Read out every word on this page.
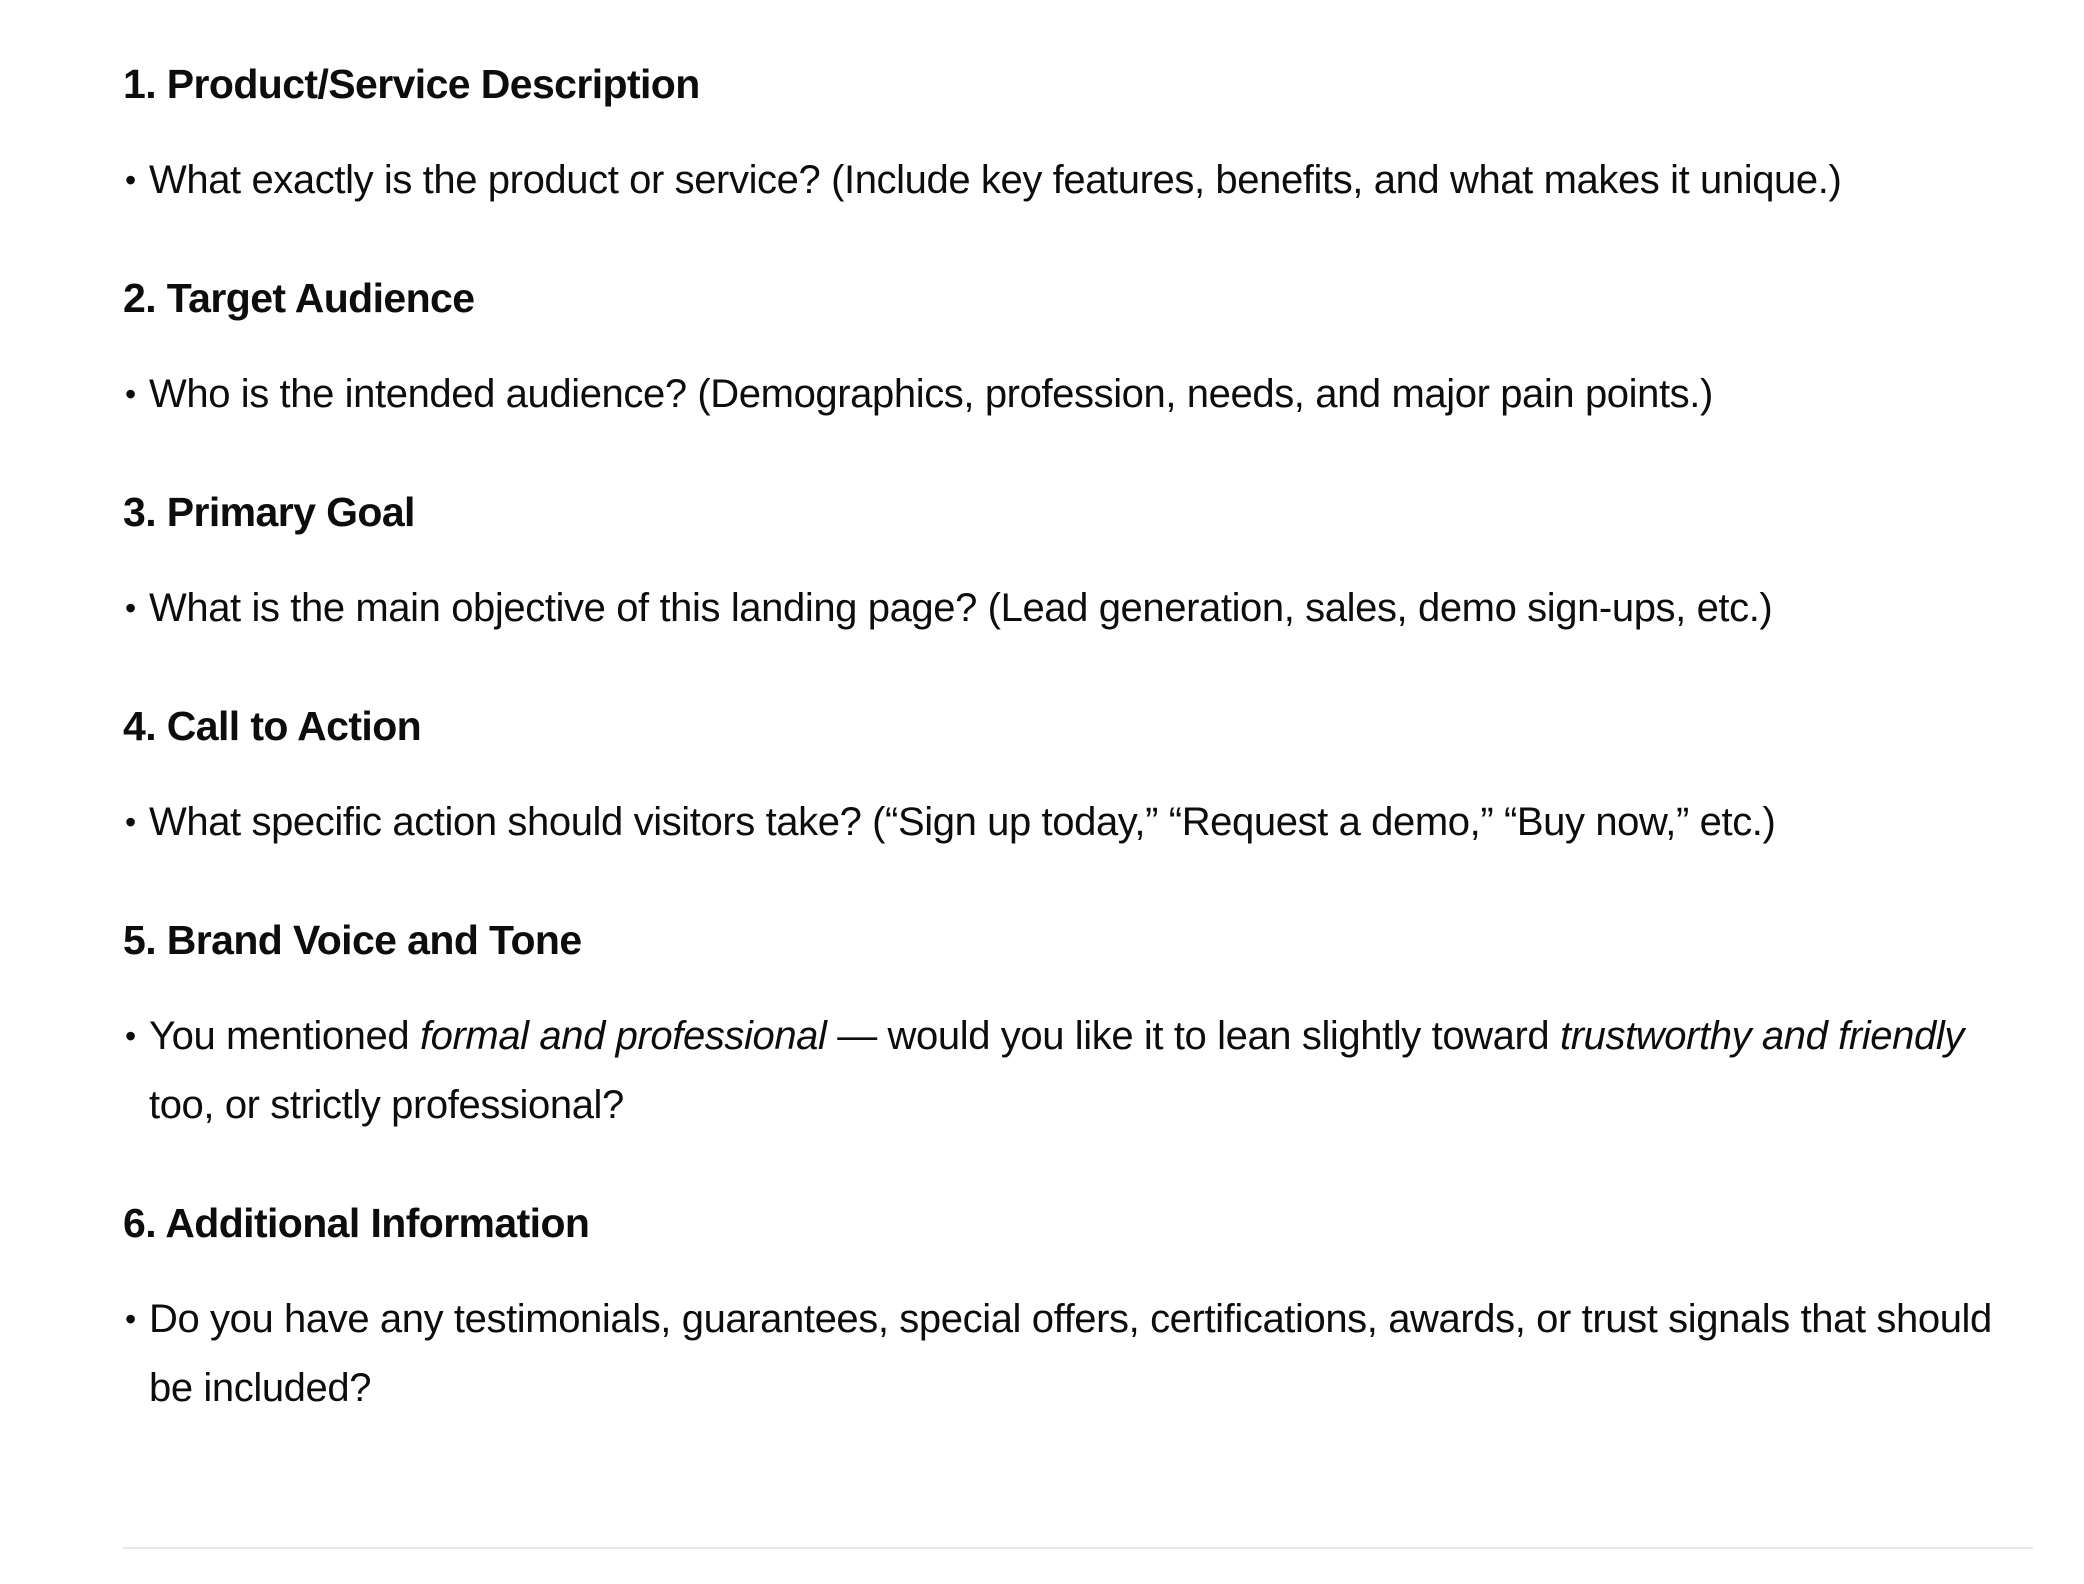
1. Product/Service Description
• What exactly is the product or service? (Include key features, benefits, and what makes it unique.)
2. Target Audience
• Who is the intended audience? (Demographics, profession, needs, and major pain points.)
3. Primary Goal
• What is the main objective of this landing page? (Lead generation, sales, demo sign-ups, etc.)
4. Call to Action
• What specific action should visitors take? (“Sign up today,” “Request a demo,” “Buy now,” etc.)
5. Brand Voice and Tone
• You mentioned formal and professional — would you like it to lean slightly toward trustworthy and friendly too, or strictly professional?
6. Additional Information
• Do you have any testimonials, guarantees, special offers, certifications, awards, or trust signals that should be included?
